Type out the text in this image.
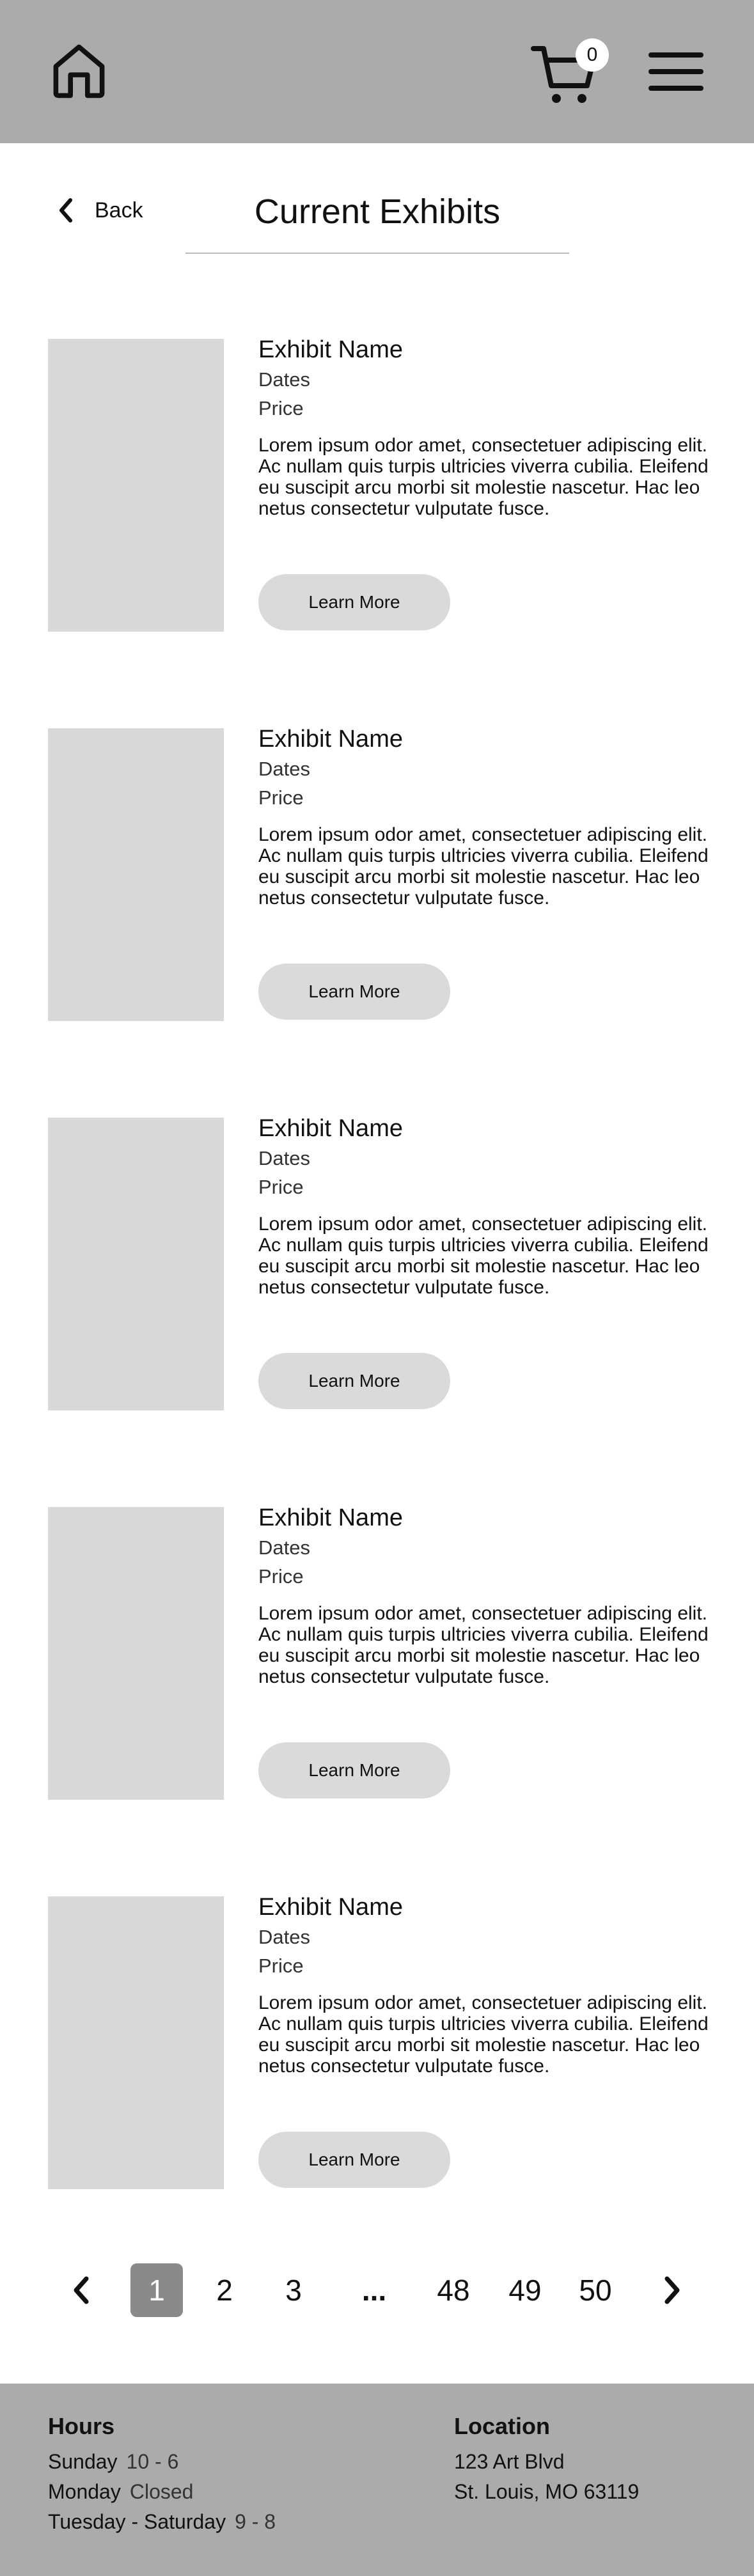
0
Back	Current Exhibits
Exhibit Name
Dates
Price

Lorem ipsum odor amet, consectetuer adipiscing elit. Ac nullam quis turpis ultricies viverra cubilia. Eleifend eu suscipit arcu morbi sit molestie nascetur. Hac leo netus consectetur vulputate fusce.

Learn More
Exhibit Name
Dates
Price

Lorem ipsum odor amet, consectetuer adipiscing elit. Ac nullam quis turpis ultricies viverra cubilia. Eleifend eu suscipit arcu morbi sit molestie nascetur. Hac leo netus consectetur vulputate fusce.

Learn More
Exhibit Name
Dates
Price

Lorem ipsum odor amet, consectetuer adipiscing elit. Ac nullam quis turpis ultricies viverra cubilia. Eleifend eu suscipit arcu morbi sit molestie nascetur. Hac leo netus consectetur vulputate fusce.

Learn More
Exhibit Name
Dates
Price

Lorem ipsum odor amet, consectetuer adipiscing elit. Ac nullam quis turpis ultricies viverra cubilia. Eleifend eu suscipit arcu morbi sit molestie nascetur. Hac leo netus consectetur vulputate fusce.

Learn More
Exhibit Name
Dates
Price

Lorem ipsum odor amet, consectetuer adipiscing elit. Ac nullam quis turpis ultricies viverra cubilia. Eleifend eu suscipit arcu morbi sit molestie nascetur. Hac leo netus consectetur vulputate fusce.

Learn More
1	2 3	...	48 49 50
Hours
Sunday 10 - 6
Monday Closed
Tuesday - Saturday 9 - 8
Location
123 Art Blvd
St. Louis, MO 63119
